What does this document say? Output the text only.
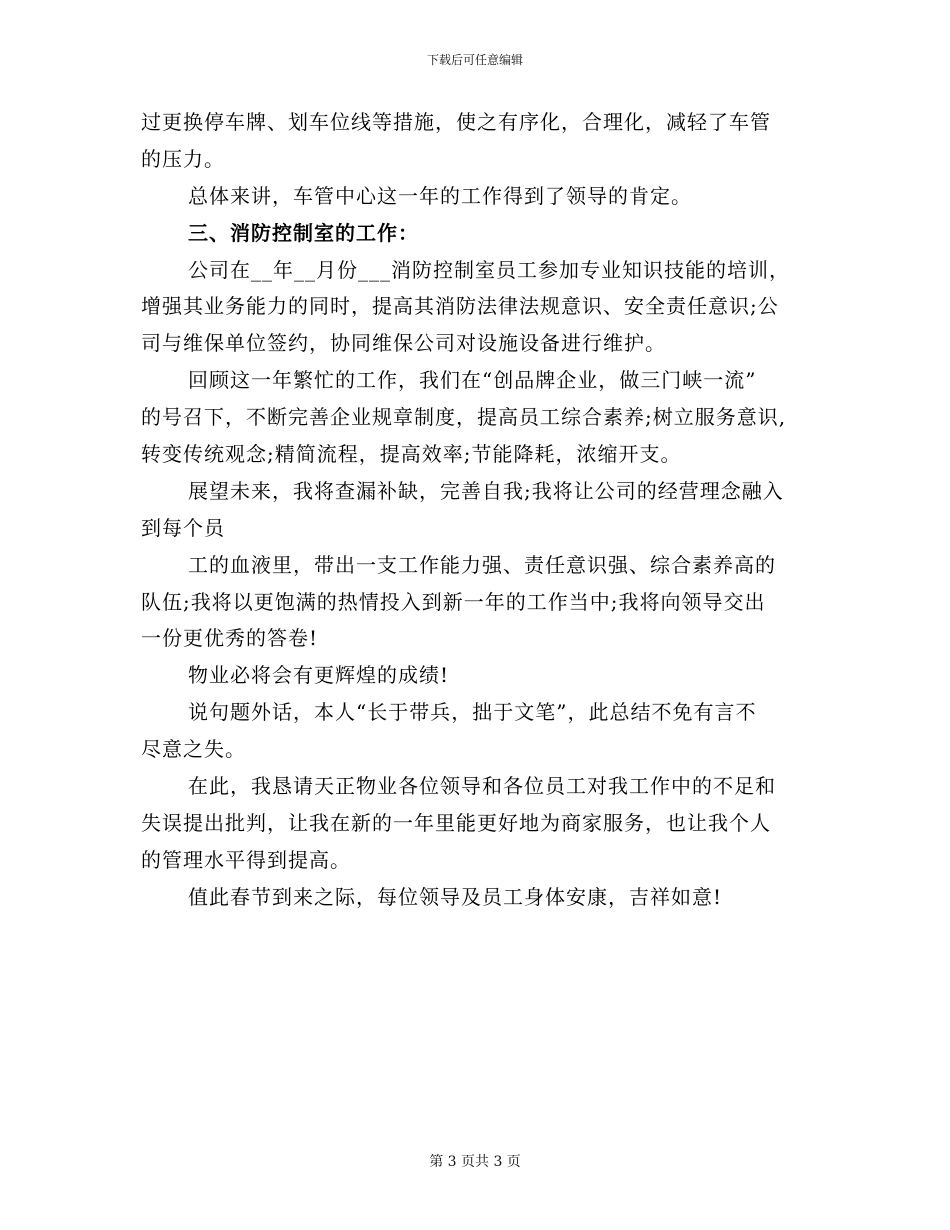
下载后可任意编辑
过更换停车牌、划车位线等措施，使之有序化，合理化，减轻了车管
的压力。
总体来讲，车管中心这一年的工作得到了领导的肯定。
三、消防控制室的工作：
公司在__年__月份___消防控制室员工参加专业知识技能的培训，
增强其业务能力的同时，提高其消防法律法规意识、安全责任意识;公
司与维保单位签约，协同维保公司对设施设备进行维护。
回顾这一年繁忙的工作，我们在“创品牌企业，做三门峡一流”
的号召下，不断完善企业规章制度，提高员工综合素养;树立服务意识,
转变传统观念;精简流程，提高效率;节能降耗，浓缩开支。
展望未来，我将查漏补缺，完善自我;我将让公司的经营理念融入
到每个员
工的血液里，带出一支工作能力强、责任意识强、综合素养高的
队伍;我将以更饱满的热情投入到新一年的工作当中;我将向领导交出
一份更优秀的答卷!
物业必将会有更辉煌的成绩!
说句题外话，本人“长于带兵，拙于文笔”，此总结不免有言不
尽意之失。
在此，我恳请天正物业各位领导和各位员工对我工作中的不足和
失误提出批判，让我在新的一年里能更好地为商家服务，也让我个人
的管理水平得到提高。
值此春节到来之际，每位领导及员工身体安康，吉祥如意!
第 3 页共 3 页
